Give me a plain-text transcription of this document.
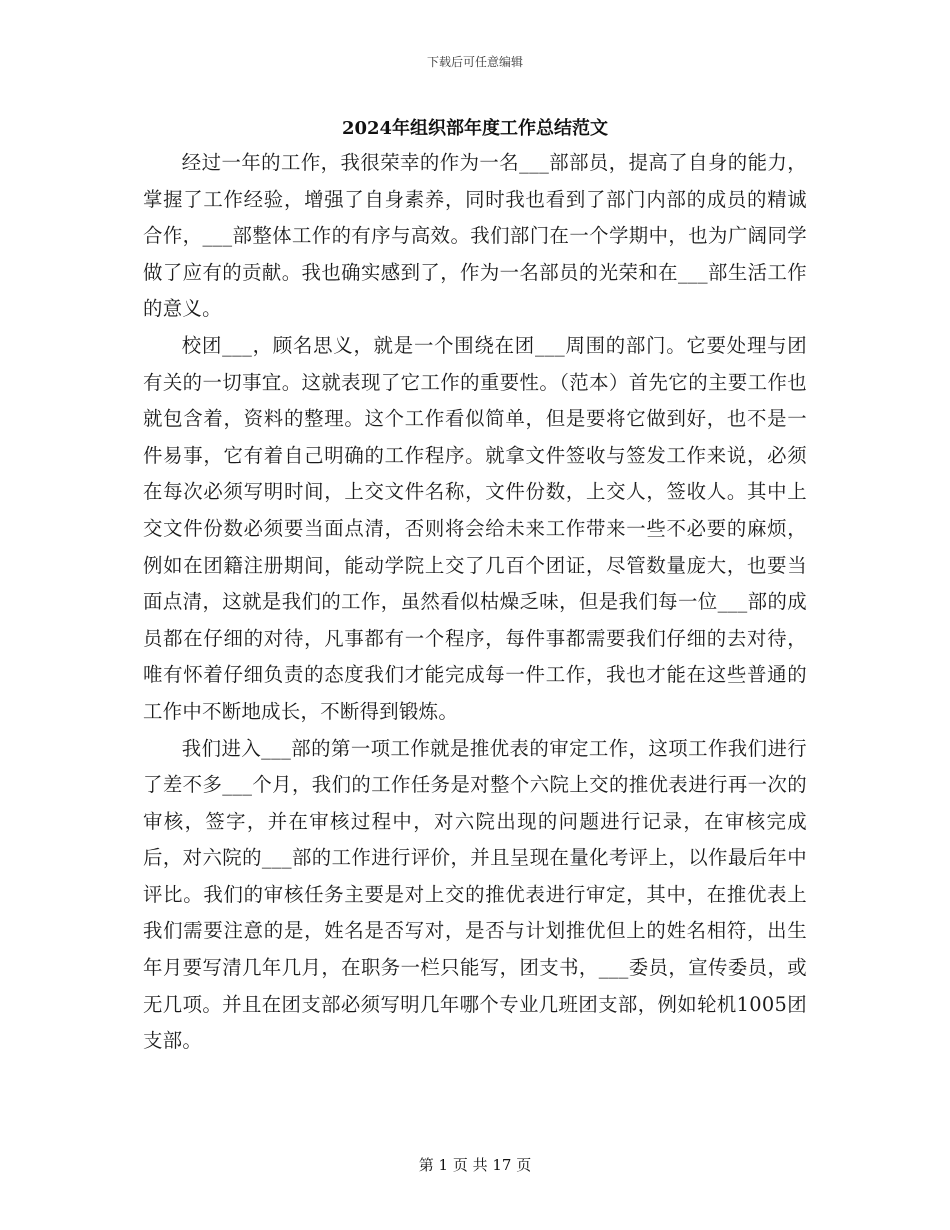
下载后可任意编辑
2024年组织部年度工作总结范文

经过一年的工作，我很荣幸的作为一名___部部员，提高了自身的能力，掌握了工作经验，增强了自身素养，同时我也看到了部门内部的成员的精诚合作，___部整体工作的有序与高效。我们部门在一个学期中，也为广阔同学做了应有的贡献。我也确实感到了，作为一名部员的光荣和在___部生活工作的意义。

校团___，顾名思义，就是一个围绕在团___周围的部门。它要处理与团有关的一切事宜。这就表现了它工作的重要性。（范本）首先它的主要工作也就包含着，资料的整理。这个工作看似简单，但是要将它做到好，也不是一件易事，它有着自己明确的工作程序。就拿文件签收与签发工作来说，必须在每次必须写明时间，上交文件名称，文件份数，上交人，签收人。其中上交文件份数必须要当面点清，否则将会给未来工作带来一些不必要的麻烦，例如在团籍注册期间，能动学院上交了几百个团证，尽管数量庞大，也要当面点清，这就是我们的工作，虽然看似枯燥乏味，但是我们每一位___部的成员都在仔细的对待，凡事都有一个程序，每件事都需要我们仔细的去对待，唯有怀着仔细负责的态度我们才能完成每一件工作，我也才能在这些普通的工作中不断地成长，不断得到锻炼。

我们进入___部的第一项工作就是推优表的审定工作，这项工作我们进行了差不多___个月，我们的工作任务是对整个六院上交的推优表进行再一次的审核，签字，并在审核过程中，对六院出现的问题进行记录，在审核完成后，对六院的___部的工作进行评价，并且呈现在量化考评上，以作最后年中评比。我们的审核任务主要是对上交的推优表进行审定，其中，在推优表上我们需要注意的是，姓名是否写对，是否与计划推优但上的姓名相符，出生年月要写清几年几月，在职务一栏只能写，团支书，___委员，宣传委员，或无几项。并且在团支部必须写明几年哪个专业几班团支部，例如轮机1005团支部。

第 1 页 共 17 页
